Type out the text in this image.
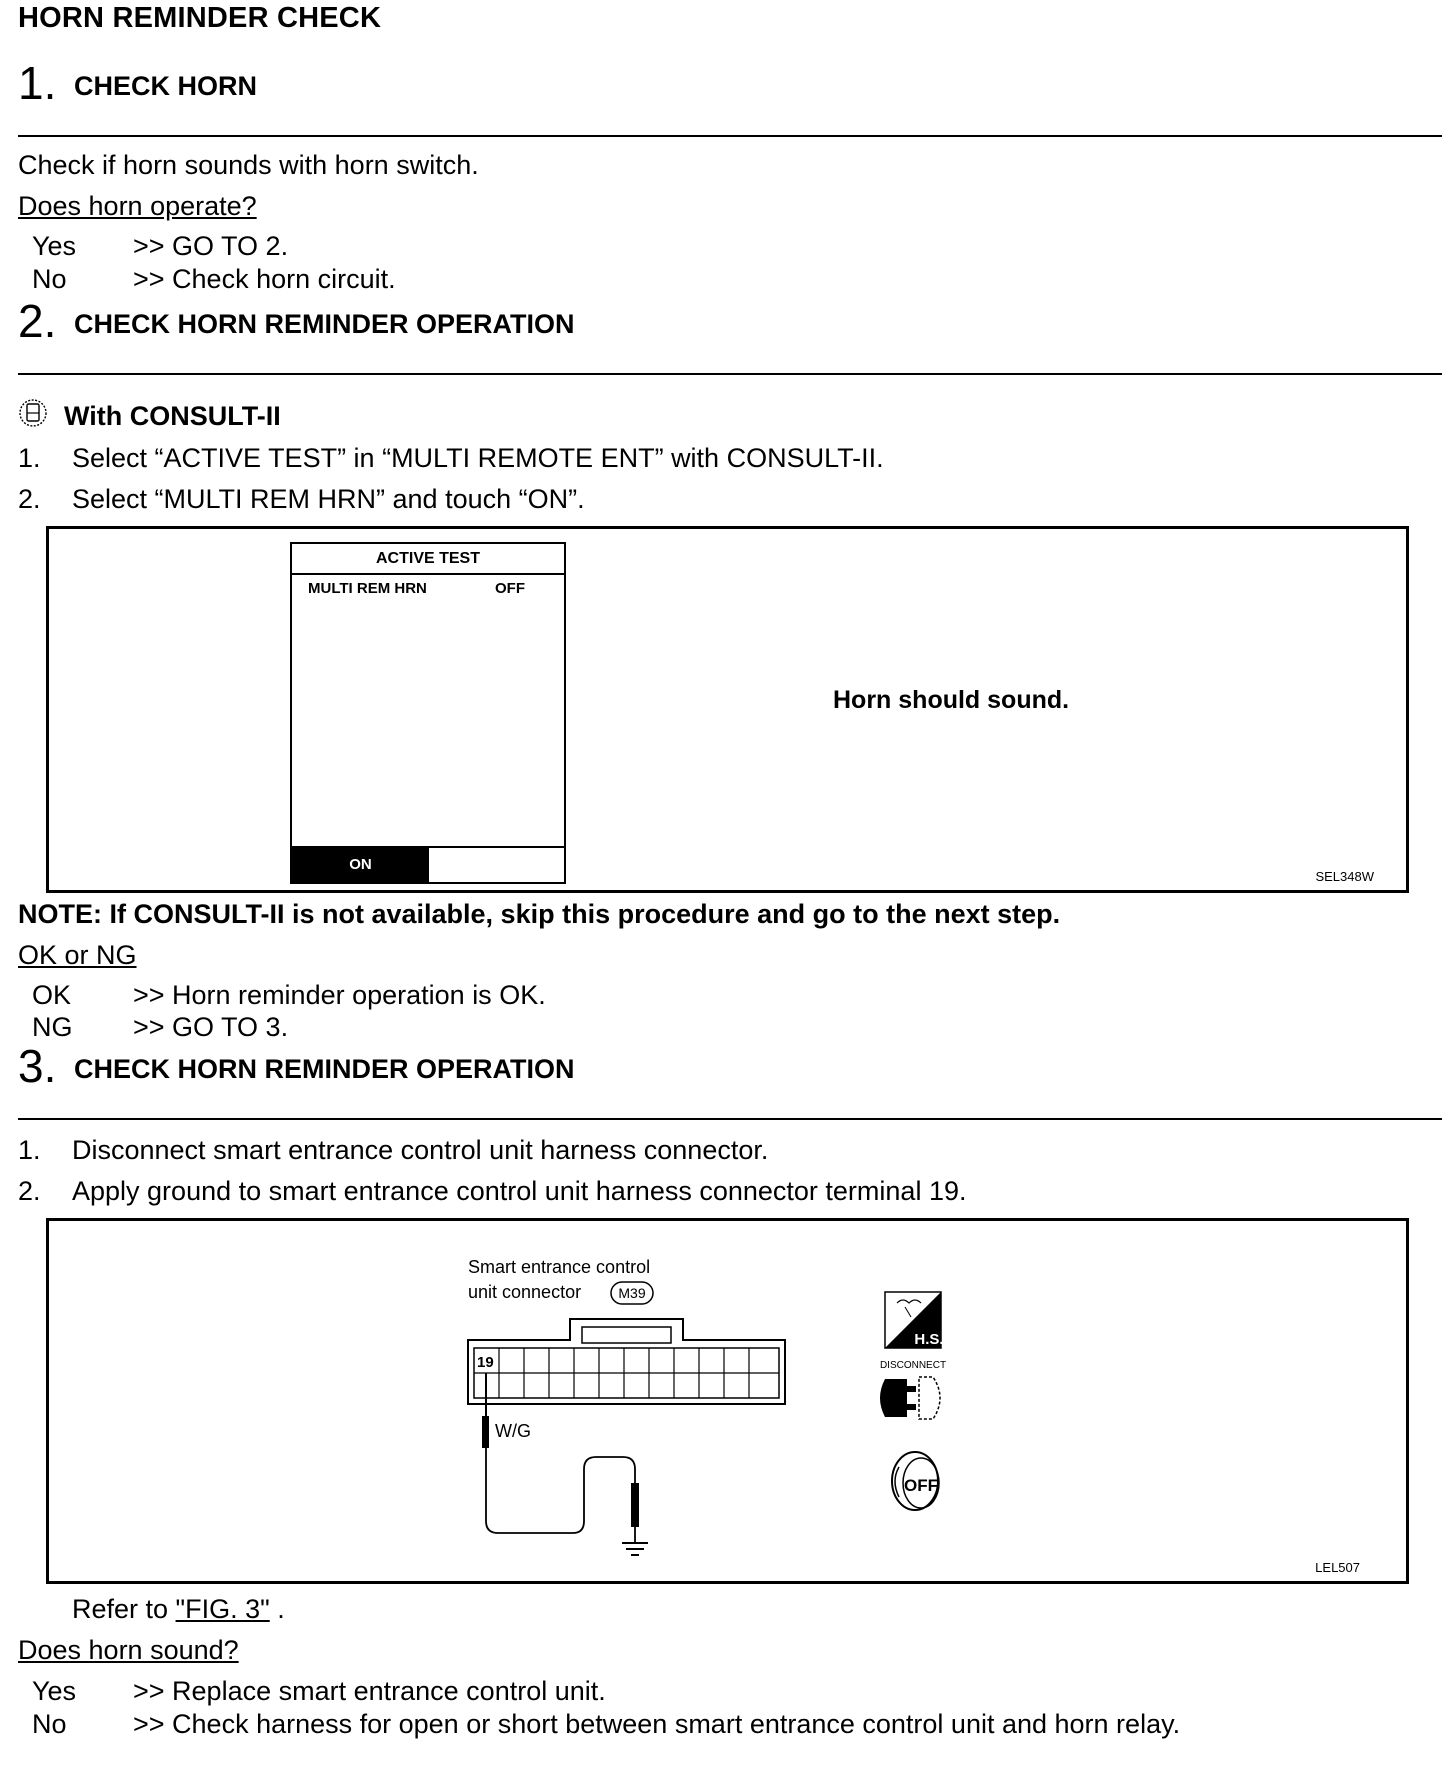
HORN REMINDER CHECK
1. CHECK HORN
Check if horn sounds with horn switch.
Does horn operate?
Yes >> GO TO 2.
No >> Check horn circuit.
2. CHECK HORN REMINDER OPERATION
With CONSULT-II
1. Select “ACTIVE TEST” in “MULTI REMOTE ENT” with CONSULT-II.
2. Select “MULTI REM HRN” and touch “ON”.
ACTIVE TEST
MULTI REM HRN	OFF
ON
Horn should sound.
SEL348W
NOTE: If CONSULT-II is not available, skip this procedure and go to the next step.
OK or NG
OK >> Horn reminder operation is OK.
NG >> GO TO 3.
3. CHECK HORN REMINDER OPERATION
1. Disconnect smart entrance control unit harness connector.
2. Apply ground to smart entrance control unit harness connector terminal 19.
Smart entrance control
unit connector	M39
19
W/G
H.S.
DISCONNECT
OFF
LEL507
Refer to "FIG. 3" .
Does horn sound?
Yes >> Replace smart entrance control unit.
No >> Check harness for open or short between smart entrance control unit and horn relay.
